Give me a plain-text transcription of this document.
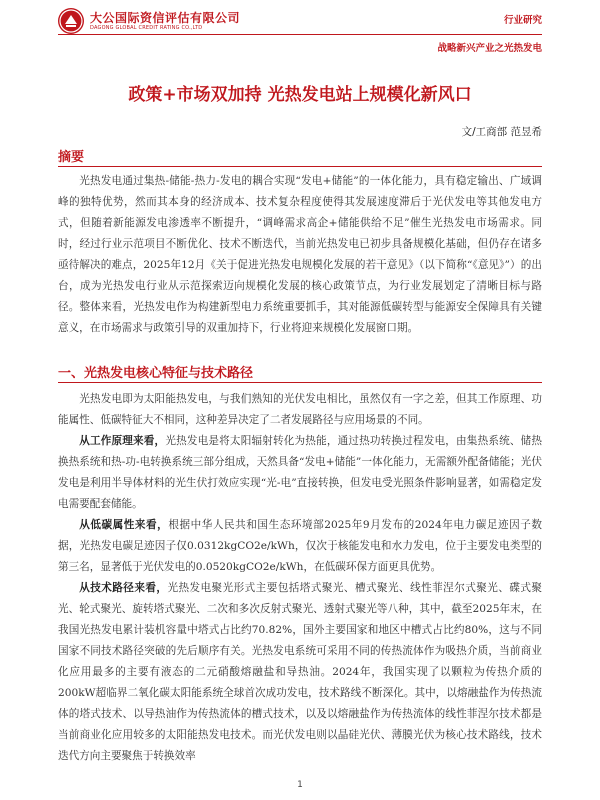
大公国际资信评估有限公司
DAGONG GLOBAL CREDIT RATING CO.,LTD
行业研究
战略新兴产业之光热发电
政策+市场双加持 光热发电站上规模化新风口
文/工商部 范昱希
摘要
光热发电通过集热-储能-热力-发电的耦合实现“发电+储能”的一体化能力，具有稳定输出、广域调峰的独特优势，然而其本身的经济成本、技术复杂程度使得其发展速度滞后于光伏发电等其他发电方式，但随着新能源发电渗透率不断提升，“调峰需求高企+储能供给不足”催生光热发电市场需求。同时，经过行业示范项目不断优化、技术不断迭代，当前光热发电已初步具备规模化基础，但仍存在诸多亟待解决的难点，2025年12月《关于促进光热发电规模化发展的若干意见》（以下简称“《意见》”）的出台，成为光热发电行业从示范探索迈向规模化发展的核心政策节点，为行业发展划定了清晰目标与路径。整体来看，光热发电作为构建新型电力系统重要抓手，其对能源低碳转型与能源安全保障具有关键意义，在市场需求与政策引导的双重加持下，行业将迎来规模化发展窗口期。
一、光热发电核心特征与技术路径
光热发电即为太阳能热发电，与我们熟知的光伏发电相比，虽然仅有一字之差，但其工作原理、功能属性、低碳特征大不相同，这种差异决定了二者发展路径与应用场景的不同。
从工作原理来看，光热发电是将太阳辐射转化为热能，通过热功转换过程发电，由集热系统、储热换热系统和热-功-电转换系统三部分组成，天然具备“发电+储能”一体化能力，无需额外配备储能；光伏发电是利用半导体材料的光生伏打效应实现“光-电”直接转换，但发电受光照条件影响显著，如需稳定发电需要配套储能。
从低碳属性来看，根据中华人民共和国生态环境部2025年9月发布的2024年电力碳足迹因子数据，光热发电碳足迹因子仅0.0312kgCO2e/kWh，仅次于核能发电和水力发电，位于主要发电类型的第三名，显著低于光伏发电的0.0520kgCO2e/kWh，在低碳环保方面更具优势。
从技术路径来看，光热发电聚光形式主要包括塔式聚光、槽式聚光、线性菲涅尔式聚光、碟式聚光、轮式聚光、旋转塔式聚光、二次和多次反射式聚光、透射式聚光等八种，其中，截至2025年末，在我国光热发电累计装机容量中塔式占比约70.82%，国外主要国家和地区中槽式占比约80%，这与不同国家不同技术路径突破的先后顺序有关。光热发电系统可采用不同的传热流体作为吸热介质，当前商业化应用最多的主要有液态的二元硝酸熔融盐和导热油。2024年，我国实现了以颗粒为传热介质的200kW超临界二氧化碳太阳能系统全球首次成功发电，技术路线不断深化。其中，以熔融盐作为传热流体的塔式技术、以导热油作为传热流体的槽式技术，以及以熔融盐作为传热流体的线性菲涅尔技术都是当前商业化应用较多的太阳能热发电技术。而光伏发电则以晶硅光伏、薄膜光伏为核心技术路线，技术迭代方向主要聚焦于转换效率
1
